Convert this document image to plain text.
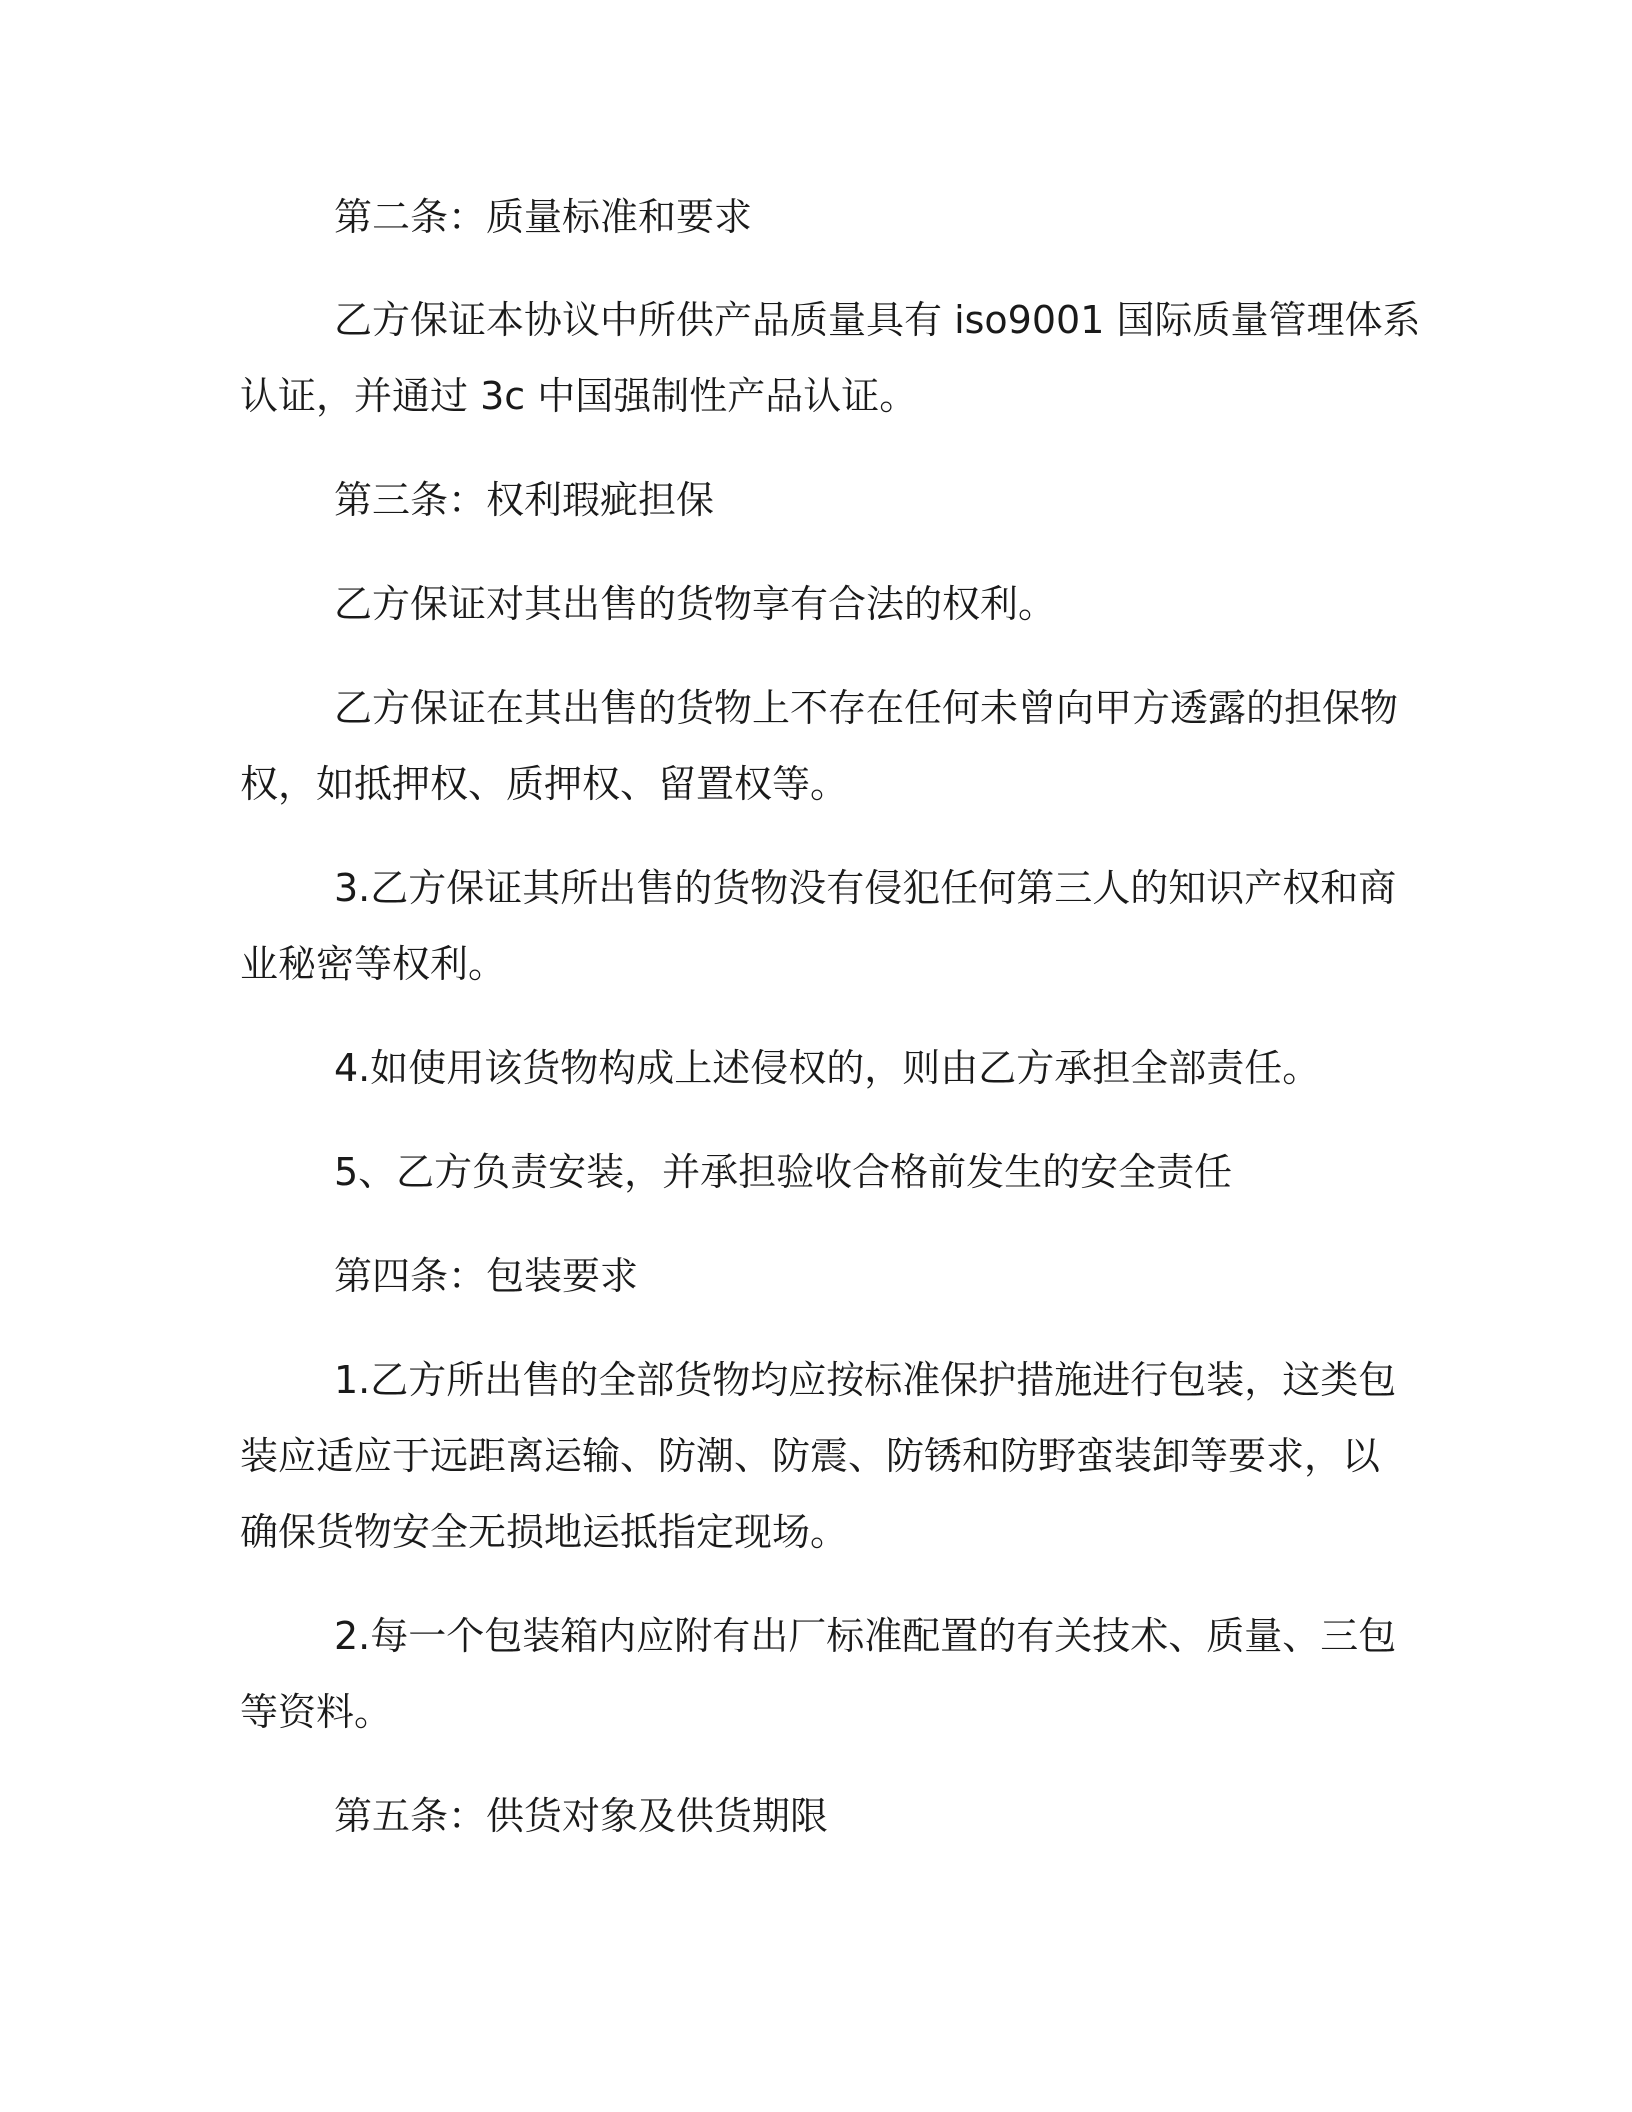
第二条：质量标准和要求
乙方保证本协议中所供产品质量具有 iso9001 国际质量管理体系
认证，并通过 3c 中国强制性产品认证。
第三条：权利瑕疵担保
乙方保证对其出售的货物享有合法的权利。
乙方保证在其出售的货物上不存在任何未曾向甲方透露的担保物
权，如抵押权、质押权、留置权等。
3.乙方保证其所出售的货物没有侵犯任何第三人的知识产权和商
业秘密等权利。
4.如使用该货物构成上述侵权的，则由乙方承担全部责任。
5、乙方负责安装，并承担验收合格前发生的安全责任
第四条：包装要求
1.乙方所出售的全部货物均应按标准保护措施进行包装，这类包
装应适应于远距离运输、防潮、防震、防锈和防野蛮装卸等要求，以
确保货物安全无损地运抵指定现场。
2.每一个包装箱内应附有出厂标准配置的有关技术、质量、三包
等资料。
第五条：供货对象及供货期限
